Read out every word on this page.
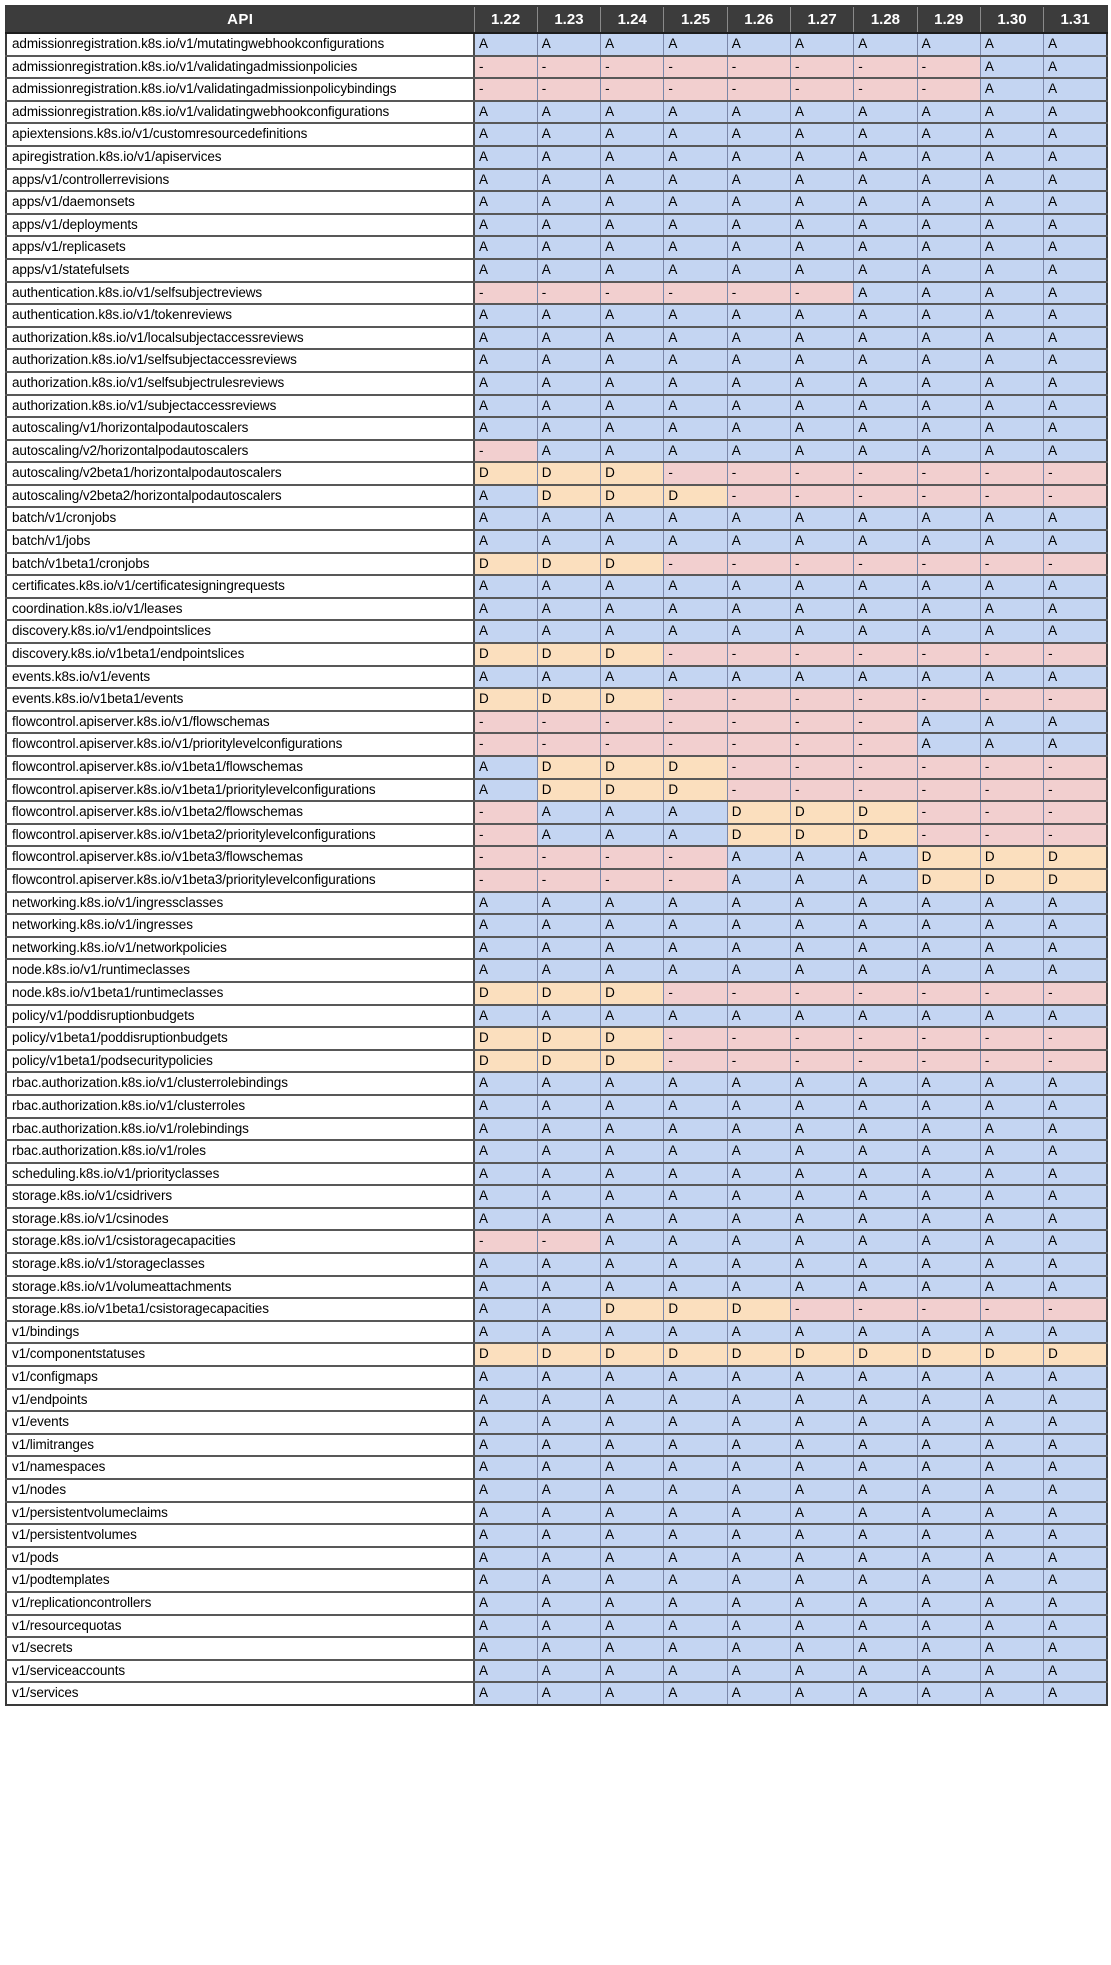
API	1.22	1.23	1.24	1.25	1.26	1.27	1.28	1.29	1.30	1.31
admissionregistration.k8s.io/v1/mutatingwebhookconfigurations	A	A	A	A	A	A	A	A	A	A
admissionregistration.k8s.io/v1/validatingadmissionpolicies	-	-	-	-	-	-	-	-	A	A
admissionregistration.k8s.io/v1/validatingadmissionpolicybindings	-	-	-	-	-	-	-	-	A	A
admissionregistration.k8s.io/v1/validatingwebhookconfigurations	A	A	A	A	A	A	A	A	A	A
apiextensions.k8s.io/v1/customresourcedefinitions	A	A	A	A	A	A	A	A	A	A
apiregistration.k8s.io/v1/apiservices	A	A	A	A	A	A	A	A	A	A
apps/v1/controllerrevisions	A	A	A	A	A	A	A	A	A	A
apps/v1/daemonsets	A	A	A	A	A	A	A	A	A	A
apps/v1/deployments	A	A	A	A	A	A	A	A	A	A
apps/v1/replicasets	A	A	A	A	A	A	A	A	A	A
apps/v1/statefulsets	A	A	A	A	A	A	A	A	A	A
authentication.k8s.io/v1/selfsubjectreviews	-	-	-	-	-	-	A	A	A	A
authentication.k8s.io/v1/tokenreviews	A	A	A	A	A	A	A	A	A	A
authorization.k8s.io/v1/localsubjectaccessreviews	A	A	A	A	A	A	A	A	A	A
authorization.k8s.io/v1/selfsubjectaccessreviews	A	A	A	A	A	A	A	A	A	A
authorization.k8s.io/v1/selfsubjectrulesreviews	A	A	A	A	A	A	A	A	A	A
authorization.k8s.io/v1/subjectaccessreviews	A	A	A	A	A	A	A	A	A	A
autoscaling/v1/horizontalpodautoscalers	A	A	A	A	A	A	A	A	A	A
autoscaling/v2/horizontalpodautoscalers	-	A	A	A	A	A	A	A	A	A
autoscaling/v2beta1/horizontalpodautoscalers	D	D	D	-	-	-	-	-	-	-
autoscaling/v2beta2/horizontalpodautoscalers	A	D	D	D	-	-	-	-	-	-
batch/v1/cronjobs	A	A	A	A	A	A	A	A	A	A
batch/v1/jobs	A	A	A	A	A	A	A	A	A	A
batch/v1beta1/cronjobs	D	D	D	-	-	-	-	-	-	-
certificates.k8s.io/v1/certificatesigningrequests	A	A	A	A	A	A	A	A	A	A
coordination.k8s.io/v1/leases	A	A	A	A	A	A	A	A	A	A
discovery.k8s.io/v1/endpointslices	A	A	A	A	A	A	A	A	A	A
discovery.k8s.io/v1beta1/endpointslices	D	D	D	-	-	-	-	-	-	-
events.k8s.io/v1/events	A	A	A	A	A	A	A	A	A	A
events.k8s.io/v1beta1/events	D	D	D	-	-	-	-	-	-	-
flowcontrol.apiserver.k8s.io/v1/flowschemas	-	-	-	-	-	-	-	A	A	A
flowcontrol.apiserver.k8s.io/v1/prioritylevelconfigurations	-	-	-	-	-	-	-	A	A	A
flowcontrol.apiserver.k8s.io/v1beta1/flowschemas	A	D	D	D	-	-	-	-	-	-
flowcontrol.apiserver.k8s.io/v1beta1/prioritylevelconfigurations	A	D	D	D	-	-	-	-	-	-
flowcontrol.apiserver.k8s.io/v1beta2/flowschemas	-	A	A	A	D	D	D	-	-	-
flowcontrol.apiserver.k8s.io/v1beta2/prioritylevelconfigurations	-	A	A	A	D	D	D	-	-	-
flowcontrol.apiserver.k8s.io/v1beta3/flowschemas	-	-	-	-	A	A	A	D	D	D
flowcontrol.apiserver.k8s.io/v1beta3/prioritylevelconfigurations	-	-	-	-	A	A	A	D	D	D
networking.k8s.io/v1/ingressclasses	A	A	A	A	A	A	A	A	A	A
networking.k8s.io/v1/ingresses	A	A	A	A	A	A	A	A	A	A
networking.k8s.io/v1/networkpolicies	A	A	A	A	A	A	A	A	A	A
node.k8s.io/v1/runtimeclasses	A	A	A	A	A	A	A	A	A	A
node.k8s.io/v1beta1/runtimeclasses	D	D	D	-	-	-	-	-	-	-
policy/v1/poddisruptionbudgets	A	A	A	A	A	A	A	A	A	A
policy/v1beta1/poddisruptionbudgets	D	D	D	-	-	-	-	-	-	-
policy/v1beta1/podsecuritypolicies	D	D	D	-	-	-	-	-	-	-
rbac.authorization.k8s.io/v1/clusterrolebindings	A	A	A	A	A	A	A	A	A	A
rbac.authorization.k8s.io/v1/clusterroles	A	A	A	A	A	A	A	A	A	A
rbac.authorization.k8s.io/v1/rolebindings	A	A	A	A	A	A	A	A	A	A
rbac.authorization.k8s.io/v1/roles	A	A	A	A	A	A	A	A	A	A
scheduling.k8s.io/v1/priorityclasses	A	A	A	A	A	A	A	A	A	A
storage.k8s.io/v1/csidrivers	A	A	A	A	A	A	A	A	A	A
storage.k8s.io/v1/csinodes	A	A	A	A	A	A	A	A	A	A
storage.k8s.io/v1/csistoragecapacities	-	-	A	A	A	A	A	A	A	A
storage.k8s.io/v1/storageclasses	A	A	A	A	A	A	A	A	A	A
storage.k8s.io/v1/volumeattachments	A	A	A	A	A	A	A	A	A	A
storage.k8s.io/v1beta1/csistoragecapacities	A	A	D	D	D	-	-	-	-	-
v1/bindings	A	A	A	A	A	A	A	A	A	A
v1/componentstatuses	D	D	D	D	D	D	D	D	D	D
v1/configmaps	A	A	A	A	A	A	A	A	A	A
v1/endpoints	A	A	A	A	A	A	A	A	A	A
v1/events	A	A	A	A	A	A	A	A	A	A
v1/limitranges	A	A	A	A	A	A	A	A	A	A
v1/namespaces	A	A	A	A	A	A	A	A	A	A
v1/nodes	A	A	A	A	A	A	A	A	A	A
v1/persistentvolumeclaims	A	A	A	A	A	A	A	A	A	A
v1/persistentvolumes	A	A	A	A	A	A	A	A	A	A
v1/pods	A	A	A	A	A	A	A	A	A	A
v1/podtemplates	A	A	A	A	A	A	A	A	A	A
v1/replicationcontrollers	A	A	A	A	A	A	A	A	A	A
v1/resourcequotas	A	A	A	A	A	A	A	A	A	A
v1/secrets	A	A	A	A	A	A	A	A	A	A
v1/serviceaccounts	A	A	A	A	A	A	A	A	A	A
v1/services	A	A	A	A	A	A	A	A	A	A
